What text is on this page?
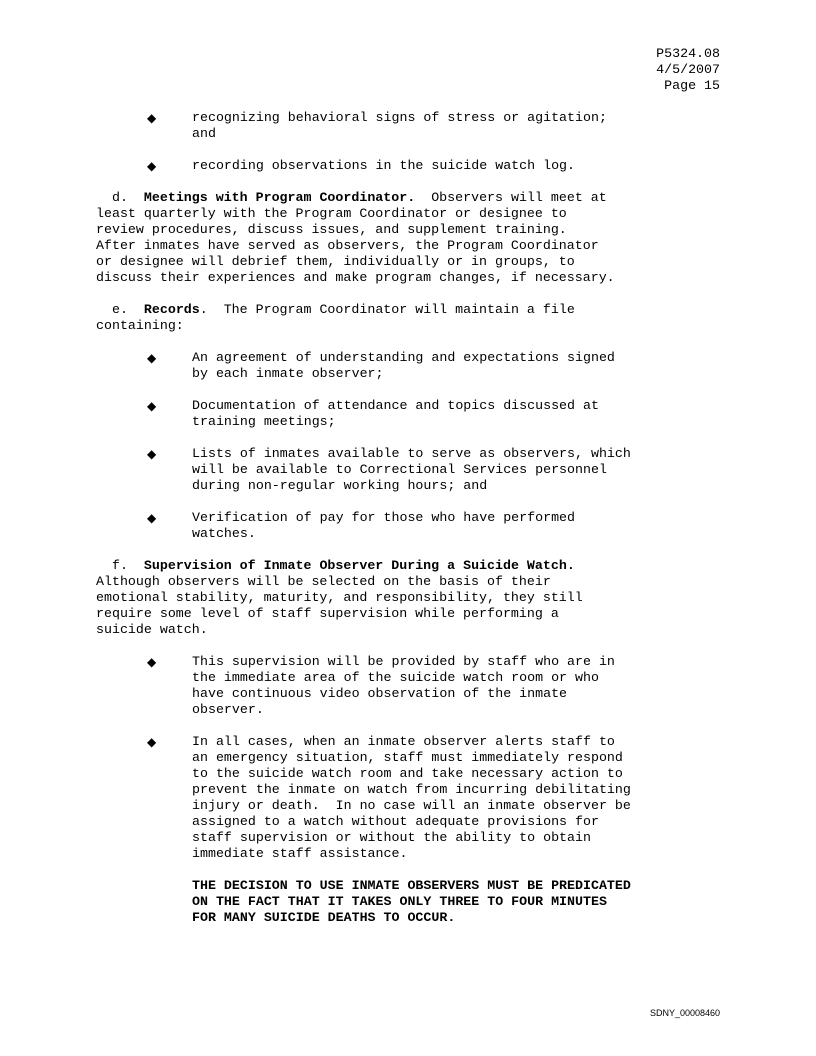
P5324.08
4/5/2007
Page 15
◆	recognizing behavioral signs of stress or agitation;
and

◆	recording observations in the suicide watch log.

d. Meetings with Program Coordinator. Observers will meet at
least quarterly with the Program Coordinator or designee to
review procedures, discuss issues, and supplement training.
After inmates have served as observers, the Program Coordinator
or designee will debrief them, individually or in groups, to
discuss their experiences and make program changes, if necessary.

e. Records.  The Program Coordinator will maintain a file
containing:

◆	An agreement of understanding and expectations signed
by each inmate observer;

◆	Documentation of attendance and topics discussed at
training meetings;

◆	Lists of inmates available to serve as observers, which
will be available to Correctional Services personnel
during non-regular working hours; and

◆	Verification of pay for those who have performed
watches.

f. Supervision of Inmate Observer During a Suicide Watch.
Although observers will be selected on the basis of their
emotional stability, maturity, and responsibility, they still
require some level of staff supervision while performing a
suicide watch.

◆	This supervision will be provided by staff who are in
the immediate area of the suicide watch room or who
have continuous video observation of the inmate
observer.

◆	In all cases, when an inmate observer alerts staff to
an emergency situation, staff must immediately respond
to the suicide watch room and take necessary action to
prevent the inmate on watch from incurring debilitating
injury or death.  In no case will an inmate observer be
assigned to a watch without adequate provisions for
staff supervision or without the ability to obtain
immediate staff assistance.

THE DECISION TO USE INMATE OBSERVERS MUST BE PREDICATED
ON THE FACT THAT IT TAKES ONLY THREE TO FOUR MINUTES
FOR MANY SUICIDE DEATHS TO OCCUR.

SDNY_00008460
